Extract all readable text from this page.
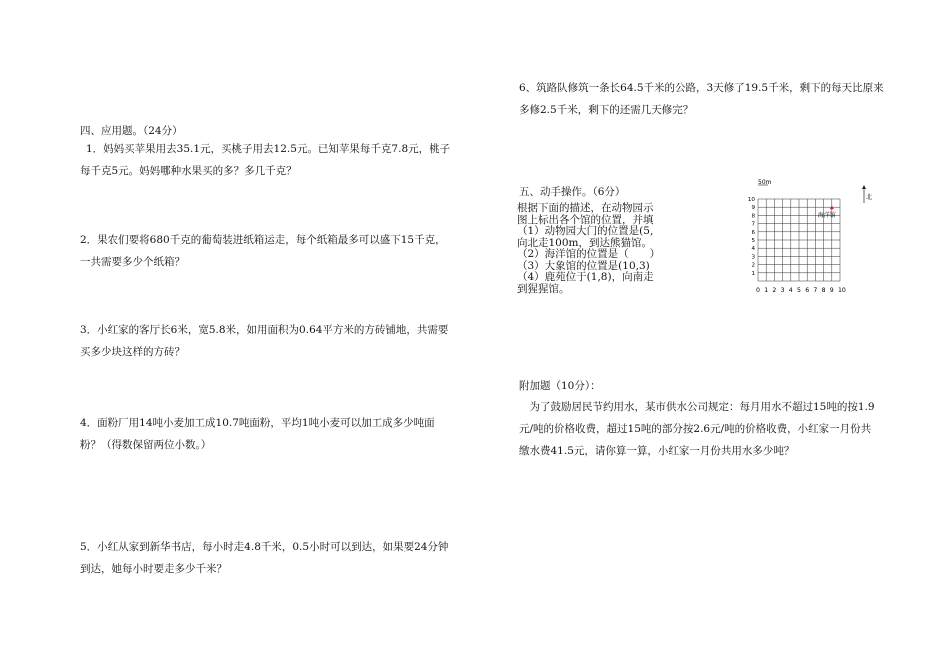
四、应用题。（24分）
1．妈妈买苹果用去35.1元，买桃子用去12.5元。已知苹果每千克7.8元，桃子
每千克5元。妈妈哪种水果买的多？多几千克？
2．果农们要将680千克的葡萄装进纸箱运走，每个纸箱最多可以盛下15千克，
一共需要多少个纸箱？
3．小红家的客厅长6米，宽5.8米，如用面积为0.64平方米的方砖铺地，共需要
买多少块这样的方砖？
4．面粉厂用14吨小麦加工成10.7吨面粉，平均1吨小麦可以加工成多少吨面
粉？（得数保留两位小数。）
5．小红从家到新华书店，每小时走4.8千米，0.5小时可以到达，如果要24分钟
到达，她每小时要走多少千米？
6、筑路队修筑一条长64.5千米的公路，3天修了19.5千米，剩下的每天比原来
多修2.5千米，剩下的还需几天修完？
五、动手操作。（6分）
根据下面的描述，在动物园示
图上标出各个馆的位置，并填
（1）动物园大门的位置是(5,
向北走100m，到达熊猫馆。
（2）海洋馆的位置是（　　）
（3）大象馆的位置是(10,3)
（4）鹿苑位于(1,8)，向南走
到猩猩馆。	0 1 2 3 4 5 6 7 8 9 10
1
2
3
4
5
6
7
8
9
10
50m
北
海洋馆
附加题（10分）：
　为了鼓励居民节约用水，某市供水公司规定：每月用水不超过15吨的按1.9
元/吨的价格收费，超过15吨的部分按2.6元/吨的价格收费，小红家一月份共
缴水费41.5元，请你算一算，小红家一月份共用水多少吨？
